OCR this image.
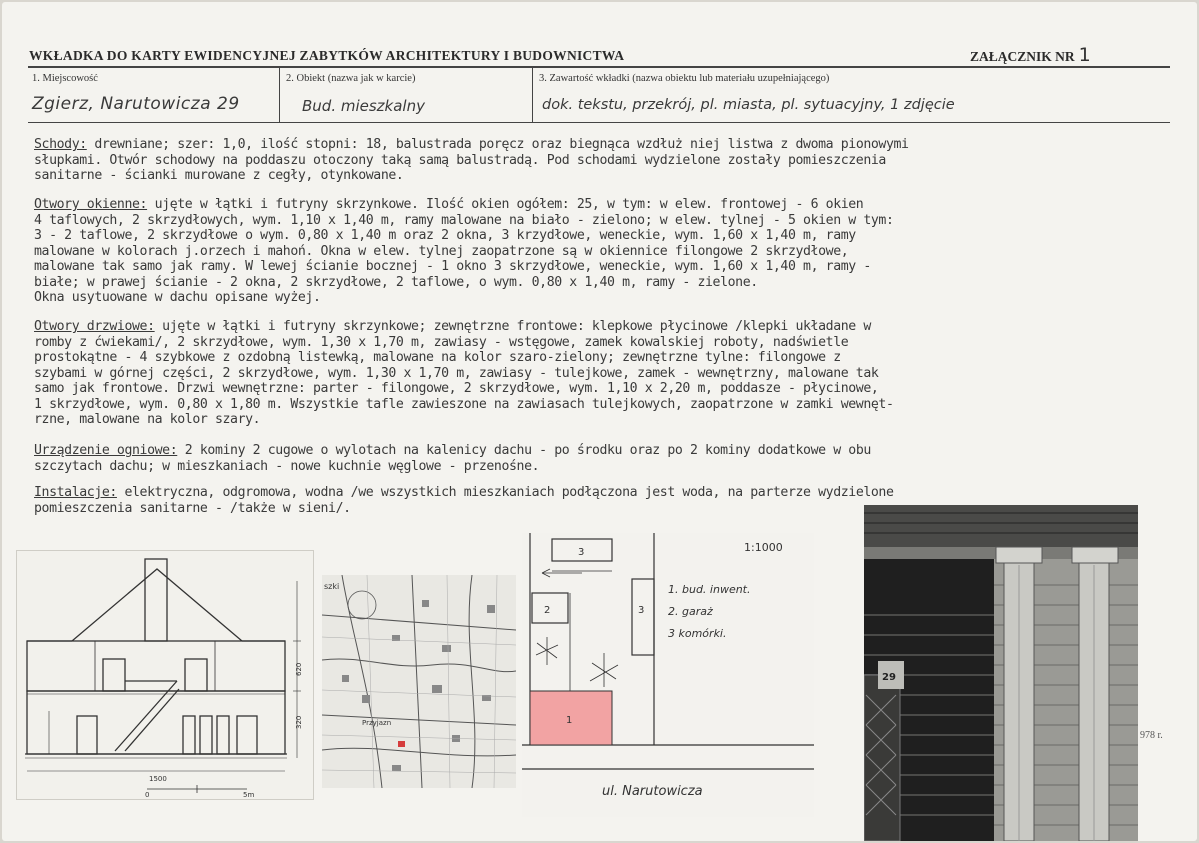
WKŁADKA DO KARTY EWIDENCYJNEJ ZABYTKÓW ARCHITEKTURY I BUDOWNICTWA	ZAŁĄCZNIK NR 1
1. Miejscowość	2. Obiekt (nazwa jak w karcie)	3. Zawartość wkładki (nazwa obiektu lub materiału uzupełniającego)
Zgierz, Narutowicza 29	Bud. mieszkalny	dok. tekstu, przekrój, pl. miasta, pl. sytuacyjny, 1 zdjęcie
Schody: drewniane; szer: 1,0, ilość stopni: 18, balustrada poręcz oraz biegnąca wzdłuż niej listwa z dwoma pionowymi
słupkami. Otwór schodowy na poddaszu otoczony taką samą balustradą. Pod schodami wydzielone zostały pomieszczenia
sanitarne - ścianki murowane z cegły, otynkowane.
Otwory okienne: ujęte w łątki i futryny skrzynkowe. Ilość okien ogółem: 25, w tym: w elew. frontowej - 6 okien
4 taflowych, 2 skrzydłowych, wym. 1,10 x 1,40 m, ramy malowane na biało - zielono; w elew. tylnej - 5 okien w tym:
3 - 2 taflowe, 2 skrzydłowe o wym. 0,80 x 1,40 m oraz 2 okna, 3 krzydłowe, weneckie, wym. 1,60 x 1,40 m, ramy
malowane w kolorach j.orzech i mahoń. Okna w elew. tylnej zaopatrzone są w okiennice filongowe 2 skrzydłowe,
malowane tak samo jak ramy. W lewej ścianie bocznej - 1 okno 3 skrzydłowe, weneckie, wym. 1,60 x 1,40 m, ramy -
białe; w prawej ścianie - 2 okna, 2 skrzydłowe, 2 taflowe, o wym. 0,80 x 1,40 m, ramy - zielone.
Okna usytuowane w dachu opisane wyżej.
Otwory drzwiowe: ujęte w łątki i futryny skrzynkowe; zewnętrzne frontowe: klepkowe płycinowe /klepki układane w
romby z ćwiekami/, 2 skrzydłowe, wym. 1,30 x 1,70 m, zawiasy - wstęgowe, zamek kowalskiej roboty, nadświetle
prostokątne - 4 szybkowe z ozdobną listewką, malowane na kolor szaro-zielony; zewnętrzne tylne: filongowe z
szybami w górnej części, 2 skrzydłowe, wym. 1,30 x 1,70 m, zawiasy - tulejkowe, zamek - wewnętrzny, malowane tak
samo jak frontowe. Drzwi wewnętrzne: parter - filongowe, 2 skrzydłowe, wym. 1,10 x 2,20 m, poddasze - płycinowe,
1 skrzydłowe, wym. 0,80 x 1,80 m. Wszystkie tafle zawieszone na zawiasach tulejkowych, zaopatrzone w zamki wewnęt-
rzne, malowane na kolor szary.
Urządzenie ogniowe: 2 kominy 2 cugowe o wylotach na kalenicy dachu - po środku oraz po 2 kominy dodatkowe w obu
szczytach dachu; w mieszkaniach - nowe kuchnie węglowe - przenośne.
Instalacje: elektryczna, odgromowa, wodna /we wszystkich mieszkaniach podłączona jest woda, na parterze wydzielone
pomieszczenia sanitarne - /także w sieni/.
620
320
1500
0	5m
szki
Przyjazn
3
2	3
1
1:1000
1. bud. inwent.
2. garaż
3 komórki.
ul. Narutowicza
29
978 r.
